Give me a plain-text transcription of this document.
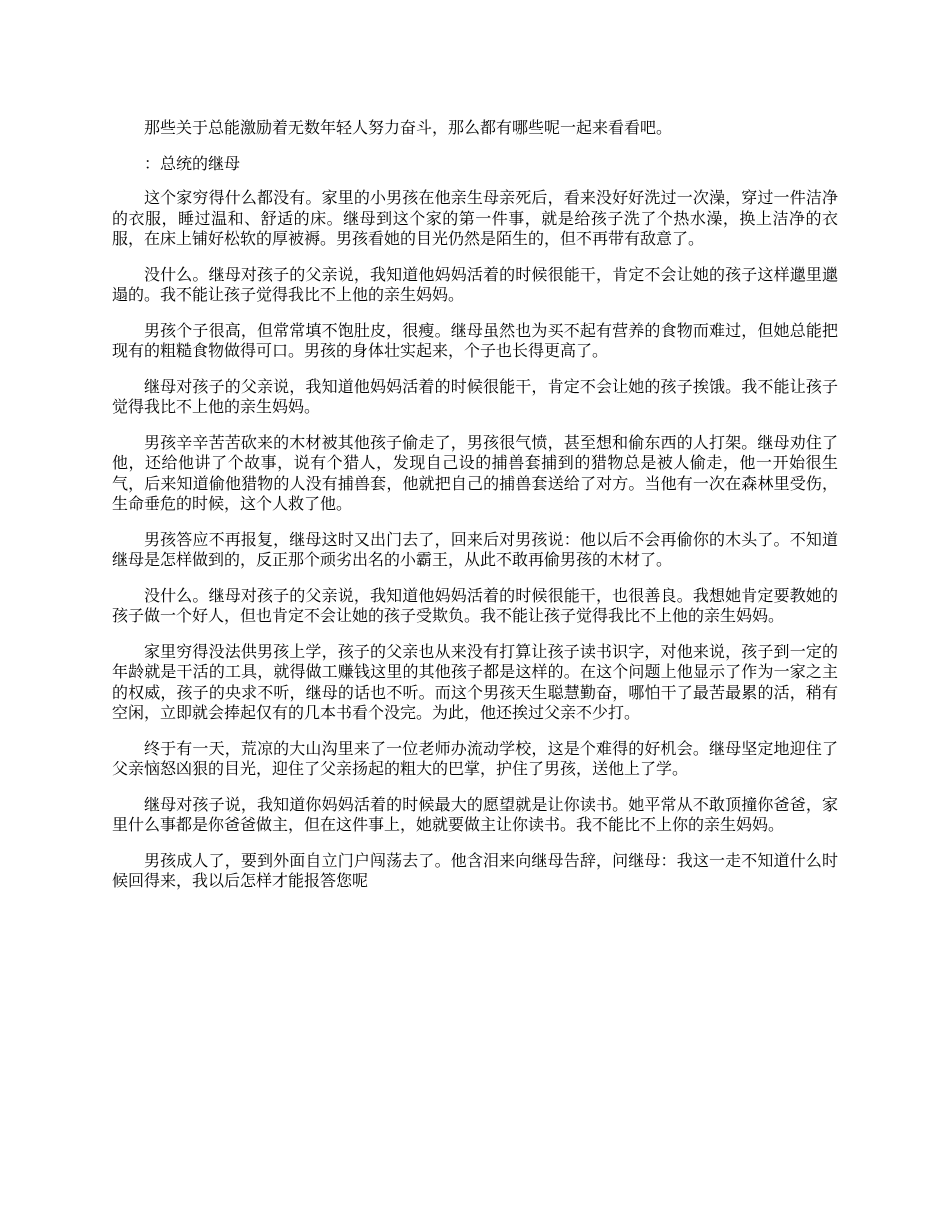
那些关于总能激励着无数年轻人努力奋斗，那么都有哪些呢一起来看看吧。

：总统的继母

这个家穷得什么都没有。家里的小男孩在他亲生母亲死后，看来没好好洗过一次澡，穿过一件洁净的衣服，睡过温和、舒适的床。继母到这个家的第一件事，就是给孩子洗了个热水澡，换上洁净的衣服，在床上铺好松软的厚被褥。男孩看她的目光仍然是陌生的，但不再带有敌意了。

没什么。继母对孩子的父亲说，我知道他妈妈活着的时候很能干，肯定不会让她的孩子这样邋里邋遢的。我不能让孩子觉得我比不上他的亲生妈妈。

男孩个子很高，但常常填不饱肚皮，很瘦。继母虽然也为买不起有营养的食物而难过，但她总能把现有的粗糙食物做得可口。男孩的身体壮实起来，个子也长得更高了。

继母对孩子的父亲说，我知道他妈妈活着的时候很能干，肯定不会让她的孩子挨饿。我不能让孩子觉得我比不上他的亲生妈妈。

男孩辛辛苦苦砍来的木材被其他孩子偷走了，男孩很气愤，甚至想和偷东西的人打架。继母劝住了他，还给他讲了个故事，说有个猎人，发现自己设的捕兽套捕到的猎物总是被人偷走，他一开始很生气，后来知道偷他猎物的人没有捕兽套，他就把自己的捕兽套送给了对方。当他有一次在森林里受伤，生命垂危的时候，这个人救了他。

男孩答应不再报复，继母这时又出门去了，回来后对男孩说：他以后不会再偷你的木头了。不知道继母是怎样做到的，反正那个顽劣出名的小霸王，从此不敢再偷男孩的木材了。

没什么。继母对孩子的父亲说，我知道他妈妈活着的时候很能干，也很善良。我想她肯定要教她的孩子做一个好人，但也肯定不会让她的孩子受欺负。我不能让孩子觉得我比不上他的亲生妈妈。

家里穷得没法供男孩上学，孩子的父亲也从来没有打算让孩子读书识字，对他来说，孩子到一定的年龄就是干活的工具，就得做工赚钱这里的其他孩子都是这样的。在这个问题上他显示了作为一家之主的权威，孩子的央求不听，继母的话也不听。而这个男孩天生聪慧勤奋，哪怕干了最苦最累的活，稍有空闲，立即就会捧起仅有的几本书看个没完。为此，他还挨过父亲不少打。

终于有一天，荒凉的大山沟里来了一位老师办流动学校，这是个难得的好机会。继母坚定地迎住了父亲恼怒凶狠的目光，迎住了父亲扬起的粗大的巴掌，护住了男孩，送他上了学。

继母对孩子说，我知道你妈妈活着的时候最大的愿望就是让你读书。她平常从不敢顶撞你爸爸，家里什么事都是你爸爸做主，但在这件事上，她就要做主让你读书。我不能比不上你的亲生妈妈。

男孩成人了，要到外面自立门户闯荡去了。他含泪来向继母告辞，问继母：我这一走不知道什么时候回得来，我以后怎样才能报答您呢
